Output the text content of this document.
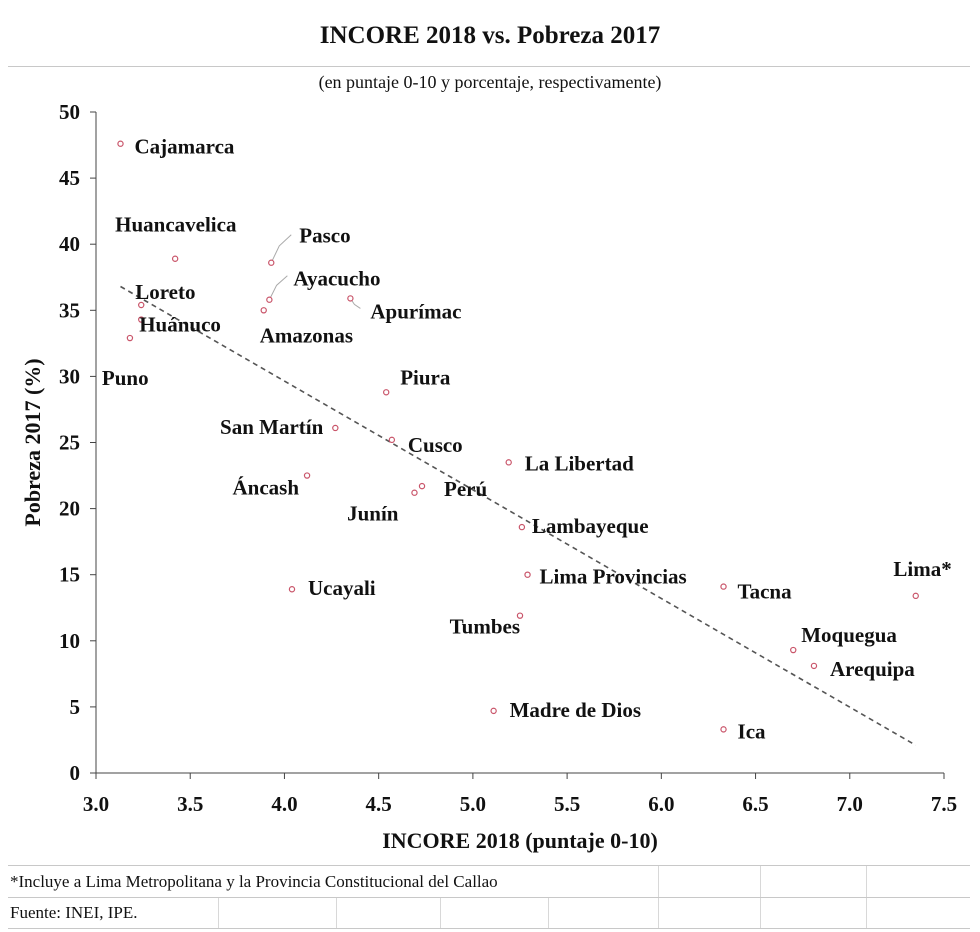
INCORE 2018 vs. Pobreza 2017
(en puntaje 0-10 y porcentaje, respectivamente)
0
5
10
15
20
25
30
35
40
45
50
3.0	3.5	4.0	4.5	5.0	5.5	6.0	6.5	7.0	7.5
INCORE 2018 (puntaje 0-10)
Pobreza 2017 (%)
Cajamarca
Huancavelica	Pasco
Ayacucho
Loreto
Amazonas
Huánuco
Apurímac
Puno	Piura
San Martín
Cusco
La Libertad
Áncash	Perú
Junín
Lambayeque
Lima Provincias
Tacna
Lima*
Ucayali
Tumbes	Moquegua
Arequipa
Madre de Dios
Ica
*Incluye a Lima Metropolitana y la Provincia Constitucional del Callao
Fuente: INEI, IPE.
